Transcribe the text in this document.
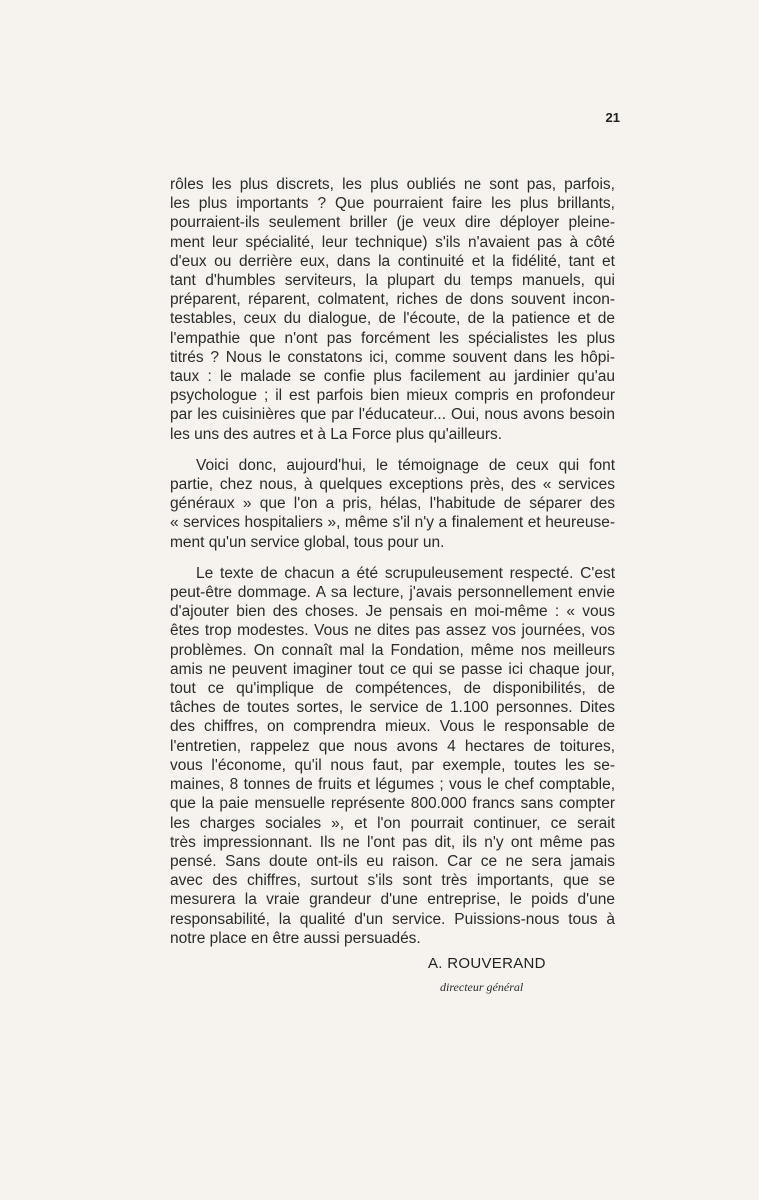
21
rôles les plus discrets, les plus oubliés ne sont pas, parfois,
les plus importants ? Que pourraient faire les plus brillants,
pourraient-ils seulement briller (je veux dire déployer pleine-
ment leur spécialité, leur technique) s'ils n'avaient pas à côté
d'eux ou derrière eux, dans la continuité et la fidélité, tant et
tant d'humbles serviteurs, la plupart du temps manuels, qui
préparent, réparent, colmatent, riches de dons souvent incon-
testables, ceux du dialogue, de l'écoute, de la patience et de
l'empathie que n'ont pas forcément les spécialistes les plus
titrés ? Nous le constatons ici, comme souvent dans les hôpi-
taux : le malade se confie plus facilement au jardinier qu'au
psychologue ; il est parfois bien mieux compris en profondeur
par les cuisinières que par l'éducateur... Oui, nous avons besoin
les uns des autres et à La Force plus qu'ailleurs.
Voici donc, aujourd'hui, le témoignage de ceux qui font
partie, chez nous, à quelques exceptions près, des « services
généraux » que l'on a pris, hélas, l'habitude de séparer des
« services hospitaliers », même s'il n'y a finalement et heureuse-
ment qu'un service global, tous pour un.
Le texte de chacun a été scrupuleusement respecté. C'est
peut-être dommage. A sa lecture, j'avais personnellement envie
d'ajouter bien des choses. Je pensais en moi-même : « vous
êtes trop modestes. Vous ne dites pas assez vos journées, vos
problèmes. On connaît mal la Fondation, même nos meilleurs
amis ne peuvent imaginer tout ce qui se passe ici chaque jour,
tout ce qu'implique de compétences, de disponibilités, de
tâches de toutes sortes, le service de 1.100 personnes. Dites
des chiffres, on comprendra mieux. Vous le responsable de
l'entretien, rappelez que nous avons 4 hectares de toitures,
vous l'économe, qu'il nous faut, par exemple, toutes les se-
maines, 8 tonnes de fruits et légumes ; vous le chef comptable,
que la paie mensuelle représente 800.000 francs sans compter
les charges sociales », et l'on pourrait continuer, ce serait
très impressionnant. Ils ne l'ont pas dit, ils n'y ont même pas
pensé. Sans doute ont-ils eu raison. Car ce ne sera jamais
avec des chiffres, surtout s'ils sont très importants, que se
mesurera la vraie grandeur d'une entreprise, le poids d'une
responsabilité, la qualité d'un service. Puissions-nous tous à
notre place en être aussi persuadés.
A. ROUVERAND
directeur général
